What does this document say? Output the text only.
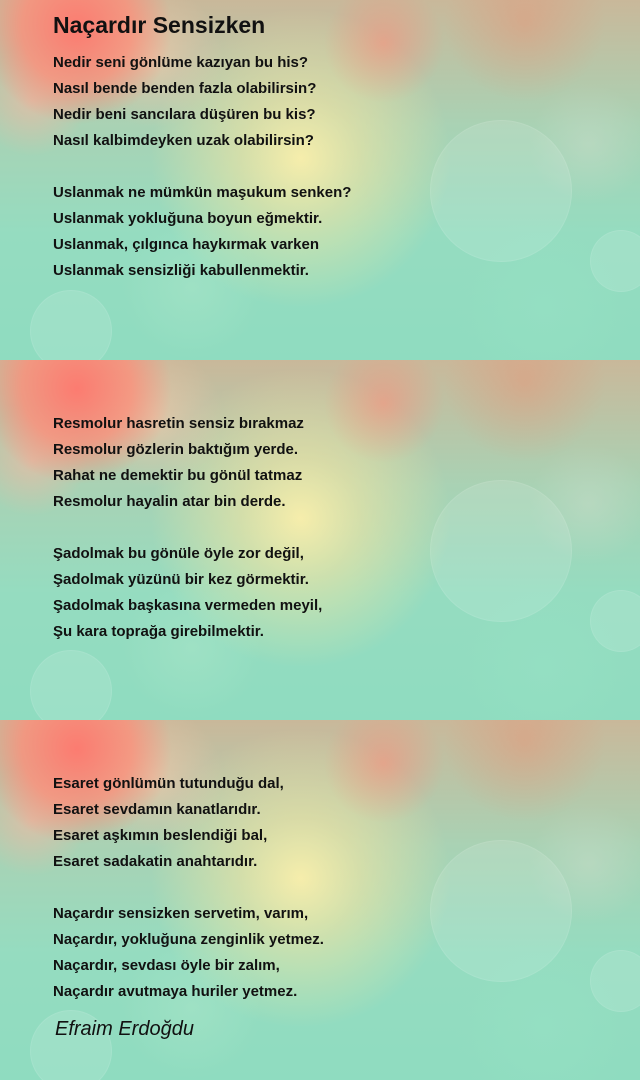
Naçardır Sensizken
Nedir seni gönlüme kazıyan bu his?
Nasıl bende benden fazla olabilirsin?
Nedir beni sancılara düşüren bu kis?
Nasıl kalbimdeyken uzak olabilirsin?
Uslanmak ne mümkün maşukum senken?
Uslanmak yokluğuna boyun eğmektir.
Uslanmak, çılgınca haykırmak varken
Uslanmak sensizliği kabullenmektir.
Resmolur hasretin sensiz bırakmaz
Resmolur gözlerin baktığım yerde.
Rahat ne demektir bu gönül tatmaz
Resmolur hayalin atar bin derde.
Şadolmak bu gönüle öyle zor değil,
Şadolmak yüzünü bir kez görmektir.
Şadolmak başkasına vermeden meyil,
Şu kara toprağa girebilmektir.
Esaret gönlümün tutunduğu dal,
Esaret sevdamın kanatlarıdır.
Esaret aşkımın beslendiği bal,
Esaret sadakatin anahtarıdır.
Naçardır sensizken servetim, varım,
Naçardır, yokluğuna zenginlik yetmez.
Naçardır, sevdası öyle bir zalım,
Naçardır avutmaya huriler yetmez.
Efraim Erdoğdu
